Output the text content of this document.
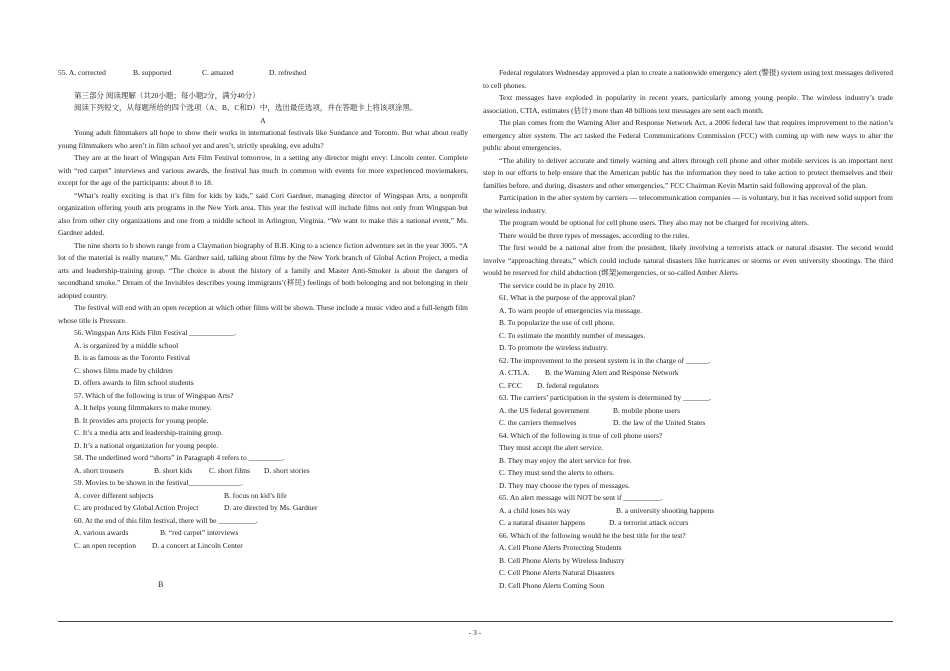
55. A. corrected	B. supported	C. amazed	D. refreshed
第三部分 阅读理解（共20小题；每小题2分，满分40分）
阅读下列短文，从每题所给的四个选项（A、B、C和D）中，选出最佳选项，并在答题卡上将该项涂黑。
A
Young adult filmmakers all hope to show their works in international festivals like Sundance and Toronto. But what about really young filmmakers who aren’t in film school yet and aren’t, strictly speaking, eve adults?
They are at the heart of Wingspan Arts Film Festival tomorrow, in a setting any director might envy: Lincoln center. Complete with “red carpet” interviews and various awards, the festival has much in common with events for more experienced moviemakers, except for the age of the participants: about 8 to 18.
“What’s really exciting is that it’s film for kids by kids,” said Cori Gardner, managing director of Wingspan Arts, a nonprofit organization offering youth arts programs in the New York area. This year the festival will include films not only from Wingspan but also from other city organizations and one from a middle school in Arlington, Virginia. “We want to make this a national event,” Ms. Gardner added.
The nine shorts to b shown range from a Claymation biography of B.B. King to a science fiction adventure set in the year 3005. “A lot of the material is really mature,” Ms. Gardner said, talking about films by the New York branch of Global Action Project, a media arts and leadership-training group. “The choice is about the history of a family and Master Anti-Smoker is about the dangers of secondhand smoke.” Dream of the Invisibles describes young immigrants’(移民) feelings of both belonging and not belonging in their adopted country.
The festival will end with an open reception at which other films will be shown. These include a music video and a full-length film whose title is Pressure.
56. Wingspan Arts Kids Film Festival ____________.
A. is organized by a middle school
B. is as famous as the Toronto Festival
C. shows films made by children
D. offers awards to film school students
57. Which of the following is true of Wingspan Arts?
A. It helps young filmmakers to make money.
B. It provides arts projects for young people.
C. It’s a media arts and leadership-training group.
D. It’s a national organization for young people.
58. The underlined word “shorts” in Paragraph 4 refers to _________.
A. short trousers	B. short kids C. short films D. short stories
59. Movies to be shown in the festival______________.
A. cover different subjects	B. focus on kid’s life
C. are produced by Global Action Project	D. are directed by Ms. Gardner
60. At the end of this film festival, there will be __________.
A. various awards	B. “red carpet” interviews
C. an open reception D. a concert at Lincoln Center
B
Federal regulators Wednesday approved a plan to create a nationwide emergency alert (警报) system using text messages delivered to cell phones.
Text messages have exploded in popularity in recent years, particularly among young people. The wireless industry’s trade association, CTIA, estimates (估计) more than 48 billions text messages are sent each month.
The plan comes from the Warning Alter and Response Network Act, a 2006 federal law that requires improvement to the nation’s emergency alter system. The act tasked the Federal Communications Commission (FCC) with coming up with new ways to alter the public about emergencies.
“The ability to deliver accurate and timely warning and alters through cell phone and other mobile services is an important next step in our efforts to help ensure that the American public has the information they need to take action to protect themselves and their families before, and during, disasters and other emergencies,” FCC Chairman Kevin Martin said following approval of the plan.
Participation in the alter system by carriers — telecommunication companies — is voluntary, but it has received solid support from the wireless industry.
The program would be optional for cell phone users. They also may not be charged for receiving alters.
There would be three types of messages, according to the rules.
The first would be a national alter from the president, likely involving a terrorists attack or natural disaster. The second would involve “approaching threats,” which could include natural disasters like hurricanes or storms or even university shootings. The third would be reserved for child abduction (绑架)emergencies, or so-called Amber Alerts.
The service could be in place by 2010.
61. What is the purpose of the approval plan?
A. To warn people of emergencies via message.
B. To popularize the use of cell phone.
C. To estimate the monthly number of messages.
D. To promote the wireless industry.
62. The improvement to the present system is in the charge of ______.
A. CTLA. B. the Warning Alert and Response Network
C. FCC D. federal regulators
63. The carriers’ participation in the system is determined by _______.
A. the US federal government	B. mobile phone users
C. the carriers themselves	D. the law of the United States
64. Which of the following is true of cell phone users?
They must accept the alert service.
B. They may enjoy the alert service for free.
C. They must send the alerts to others.
D. They may choose the types of messages.
65. An alert message will NOT be sent if __________.
A. a child loses his way	B. a university shooting happens
C. a natural disaster happens	D. a terrorist attack occurs
66. Which of the following would be the best title for the test?
A. Cell Phone Alerts Protecting Students
B. Cell Phone Alerts by Wireless Industry
C. Cell Phone Alerts Natural Disasters
D. Cell Phone Alerts Coming Soon
- 3 -
